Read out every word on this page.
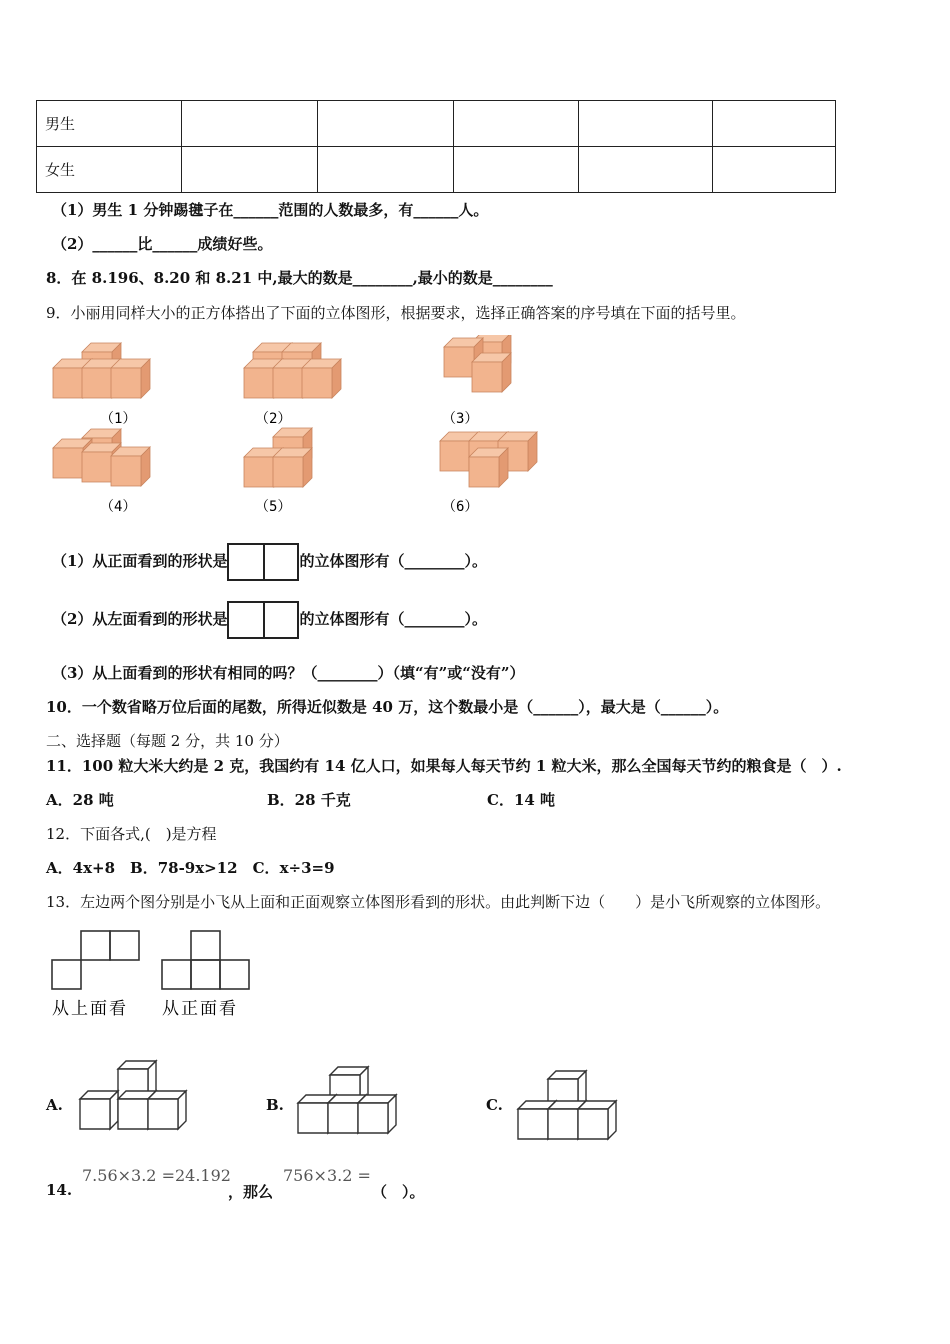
男生					
女生					
（1）男生 1 分钟踢毽子在______范围的人数最多，有______人。
（2）______比______成绩好些。
8．在 8.196、8.20 和 8.21 中,最大的数是________,最小的数是________
9．小丽用同样大小的正方体搭出了下面的立体图形，根据要求，选择正确答案的序号填在下面的括号里。
（1）	（2）	（3）
（4）	（5）	（6）
（1）从正面看到的形状是	的立体图形有（________）。
（2）从左面看到的形状是	的立体图形有（________）。
（3）从上面看到的形状有相同的吗？（________）（填“有”或“没有”）
10．一个数省略万位后面的尾数，所得近似数是 40 万，这个数最小是（______），最大是（______）。
二、选择题（每题 2 分，共 10 分）
11．100 粒大米大约是 2 克，我国约有 14 亿人口，如果每人每天节约 1 粒大米，那么全国每天节约的粮食是（　）.
A．28 吨	B．28 千克	C．14 吨
12．下面各式,(　)是方程
A．4x+8　B．78-9x>12　C．x÷3=9
13．左边两个图分别是小飞从上面和正面观察立体图形看到的形状。由此判断下边（　　）是小飞所观察的立体图形。
从上面看 从正面看
A.	B.	C.
14.
7.56×3.2 =24.192
，那么
756×3.2 =
（　）。
